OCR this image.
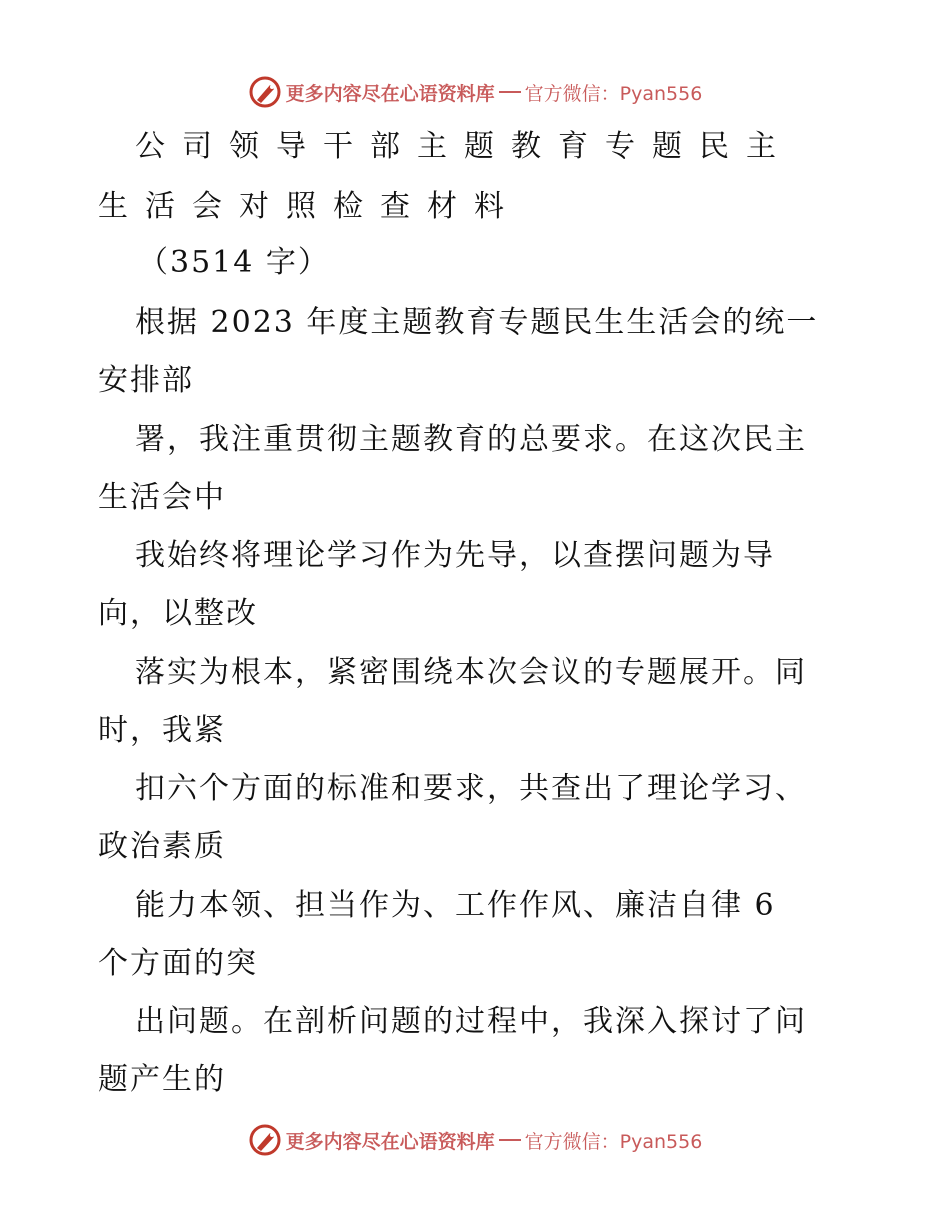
更多内容尽在心语资料库 官方微信：Pyan556
公司领导干部主题教育专题民主
生活会对照检查材料
（3514 字）
根据 2023 年度主题教育专题民生生活会的统一
安排部
署，我注重贯彻主题教育的总要求。在这次民主
生活会中
我始终将理论学习作为先导，以查摆问题为导
向，以整改
落实为根本，紧密围绕本次会议的专题展开。同
时，我紧
扣六个方面的标准和要求，共查出了理论学习、
政治素质
能力本领、担当作为、工作作风、廉洁自律 6
个方面的突
出问题。在剖析问题的过程中，我深入探讨了问
题产生的
更多内容尽在心语资料库 官方微信：Pyan556
